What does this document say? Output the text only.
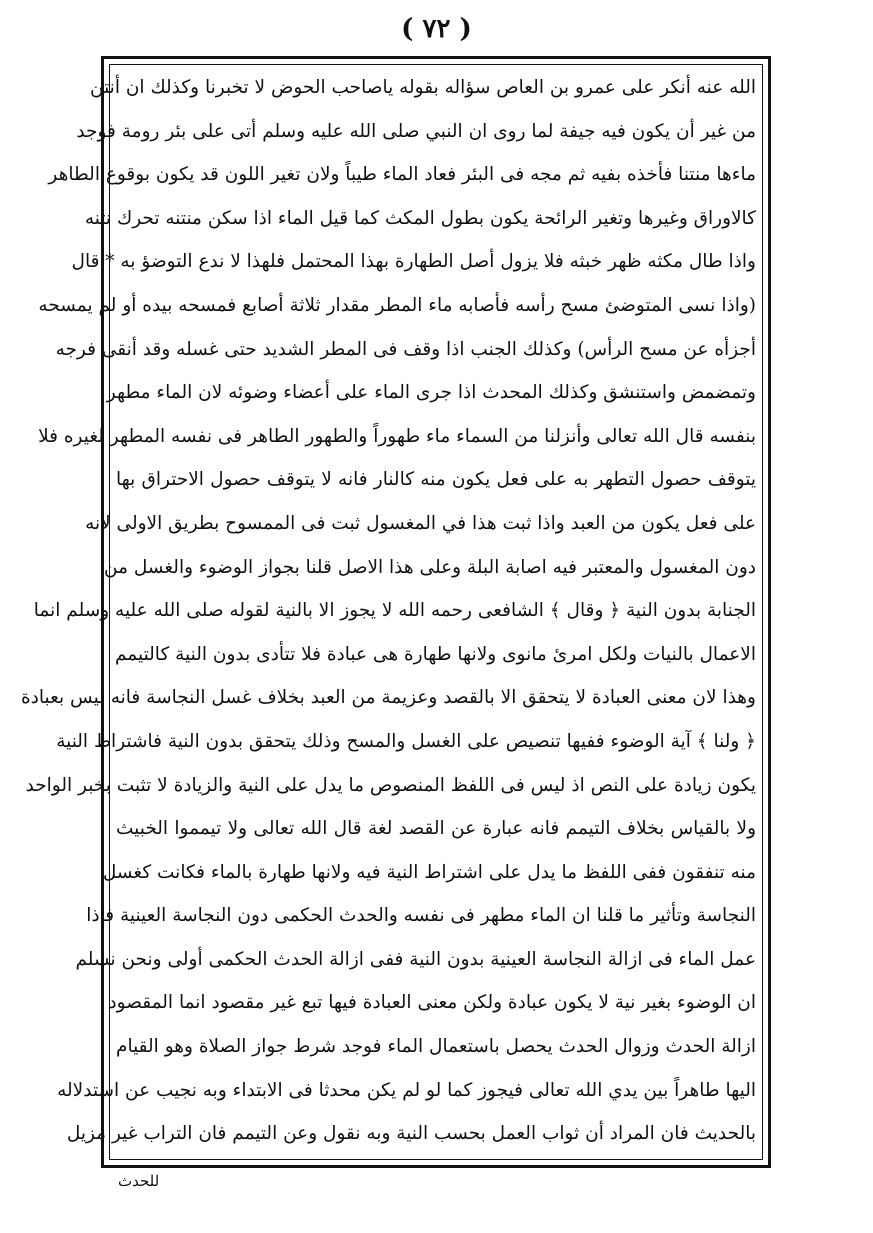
( ٧٢ )
الله عنه أنكر على عمرو بن العاص سؤاله بقوله ياصاحب الحوض لا تخبرنا وكذلك ان أنتن
من غير أن يكون فيه جيفة لما روى ان النبي صلى الله عليه وسلم أتى على بئر رومة فوجد
ماءها منتنا فأخذه بفيه ثم مجه فى البئر فعاد الماء طيباً ولان تغير اللون قد يكون بوقوع الطاهر
كالاوراق وغيرها وتغير الرائحة يكون بطول المكث كما قيل الماء اذا سكن منتنه تحرك نتنه
واذا طال مكثه ظهر خبثه فلا يزول أصل الطهارة بهذا المحتمل فلهذا لا ندع التوضؤ به * قال
(واذا نسى المتوضئ مسح رأسه فأصابه ماء المطر مقدار ثلاثة أصابع فمسحه بيده أو لم يمسحه
أجزأه عن مسح الرأس) وكذلك الجنب اذا وقف فى المطر الشديد حتى غسله وقد أنقى فرجه
وتمضمض واستنشق وكذلك المحدث اذا جرى الماء على أعضاء وضوئه لان الماء مطهر
بنفسه قال الله تعالى وأنزلنا من السماء ماء طهوراً والطهور الطاهر فى نفسه المطهر لغيره فلا
يتوقف حصول التطهر به على فعل يكون منه كالنار فانه لا يتوقف حصول الاحتراق بها
على فعل يكون من العبد واذا ثبت هذا في المغسول ثبت فى الممسوح بطريق الاولى لانه
دون المغسول والمعتبر فيه اصابة البلة وعلى هذا الاصل قلنا بجواز الوضوء والغسل من
الجنابة بدون النية ﴿ وقال ﴾ الشافعى رحمه الله لا يجوز الا بالنية لقوله صلى الله عليه وسلم انما
الاعمال بالنيات ولكل امرئ مانوى ولانها طهارة هى عبادة فلا تتأدى بدون النية كالتيمم
وهذا لان معنى العبادة لا يتحقق الا بالقصد وعزيمة من العبد بخلاف غسل النجاسة فانه ليس بعبادة
﴿ ولنا ﴾ آية الوضوء ففيها تنصيص على الغسل والمسح وذلك يتحقق بدون النية فاشتراط النية
يكون زيادة على النص اذ ليس فى اللفظ المنصوص ما يدل على النية والزيادة لا تثبت بخبر الواحد
ولا بالقياس بخلاف التيمم فانه عبارة عن القصد لغة قال الله تعالى ولا تيمموا الخبيث
منه تنفقون ففى اللفظ ما يدل على اشتراط النية فيه ولانها طهارة بالماء فكانت كغسل
النجاسة وتأثير ما قلنا ان الماء مطهر فى نفسه والحدث الحكمى دون النجاسة العينية فاذا
عمل الماء فى ازالة النجاسة العينية بدون النية ففى ازالة الحدث الحكمى أولى ونحن نسلم
ان الوضوء بغير نية لا يكون عبادة ولكن معنى العبادة فيها تبع غير مقصود انما المقصود
ازالة الحدث وزوال الحدث يحصل باستعمال الماء فوجد شرط جواز الصلاة وهو القيام
اليها طاهراً بين يدي الله تعالى فيجوز كما لو لم يكن محدثا فى الابتداء وبه نجيب عن استدلاله
بالحديث فان المراد أن ثواب العمل بحسب النية وبه نقول وعن التيمم فان التراب غير مزيل
للحدث
